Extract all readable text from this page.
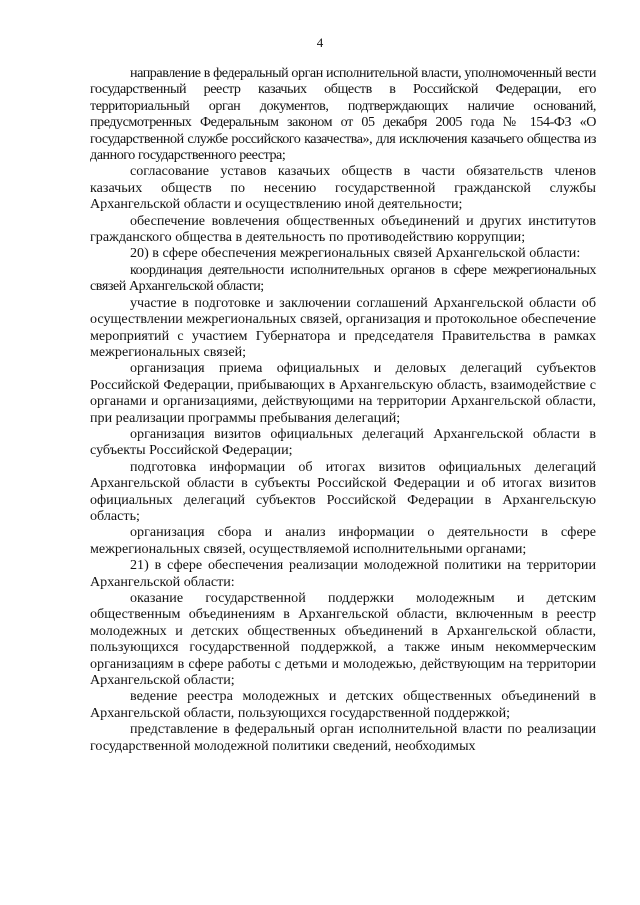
4

направление в федеральный орган исполнительной власти, уполномоченный вести государственный реестр казачьих обществ в Российской Федерации, его территориальный орган документов, подтверждающих наличие оснований, предусмотренных Федеральным законом от 05 декабря 2005 года № 154-ФЗ «О государственной службе российского казачества», для исключения казачьего общества из данного государственного реестра;

согласование уставов казачьих обществ в части обязательств членов казачьих обществ по несению государственной гражданской службы Архангельской области и осуществлению иной деятельности;

обеспечение вовлечения общественных объединений и других институтов гражданского общества в деятельность по противодействию коррупции;

20) в сфере обеспечения межрегиональных связей Архангельской области:

координация деятельности исполнительных органов в сфере межрегиональных связей Архангельской области;

участие в подготовке и заключении соглашений Архангельской области об осуществлении межрегиональных связей, организация и протокольное обеспечение мероприятий с участием Губернатора и председателя Правительства в рамках межрегиональных связей;

организация приема официальных и деловых делегаций субъектов Российской Федерации, прибывающих в Архангельскую область, взаимодействие с органами и организациями, действующими на территории Архангельской области, при реализации программы пребывания делегаций;

организация визитов официальных делегаций Архангельской области в субъекты Российской Федерации;

подготовка информации об итогах визитов официальных делегаций Архангельской области в субъекты Российской Федерации и об итогах визитов официальных делегаций субъектов Российской Федерации в Архангельскую область;

организация сбора и анализ информации о деятельности в сфере межрегиональных связей, осуществляемой исполнительными органами;

21) в сфере обеспечения реализации молодежной политики на территории Архангельской области:

оказание государственной поддержки молодежным и детским общественным объединениям в Архангельской области, включенным в реестр молодежных и детских общественных объединений в Архангельской области, пользующихся государственной поддержкой, а также иным некоммерческим организациям в сфере работы с детьми и молодежью, действующим на территории Архангельской области;

ведение реестра молодежных и детских общественных объединений в Архангельской области, пользующихся государственной поддержкой;

представление в федеральный орган исполнительной власти по реализации государственной молодежной политики сведений, необходимых
